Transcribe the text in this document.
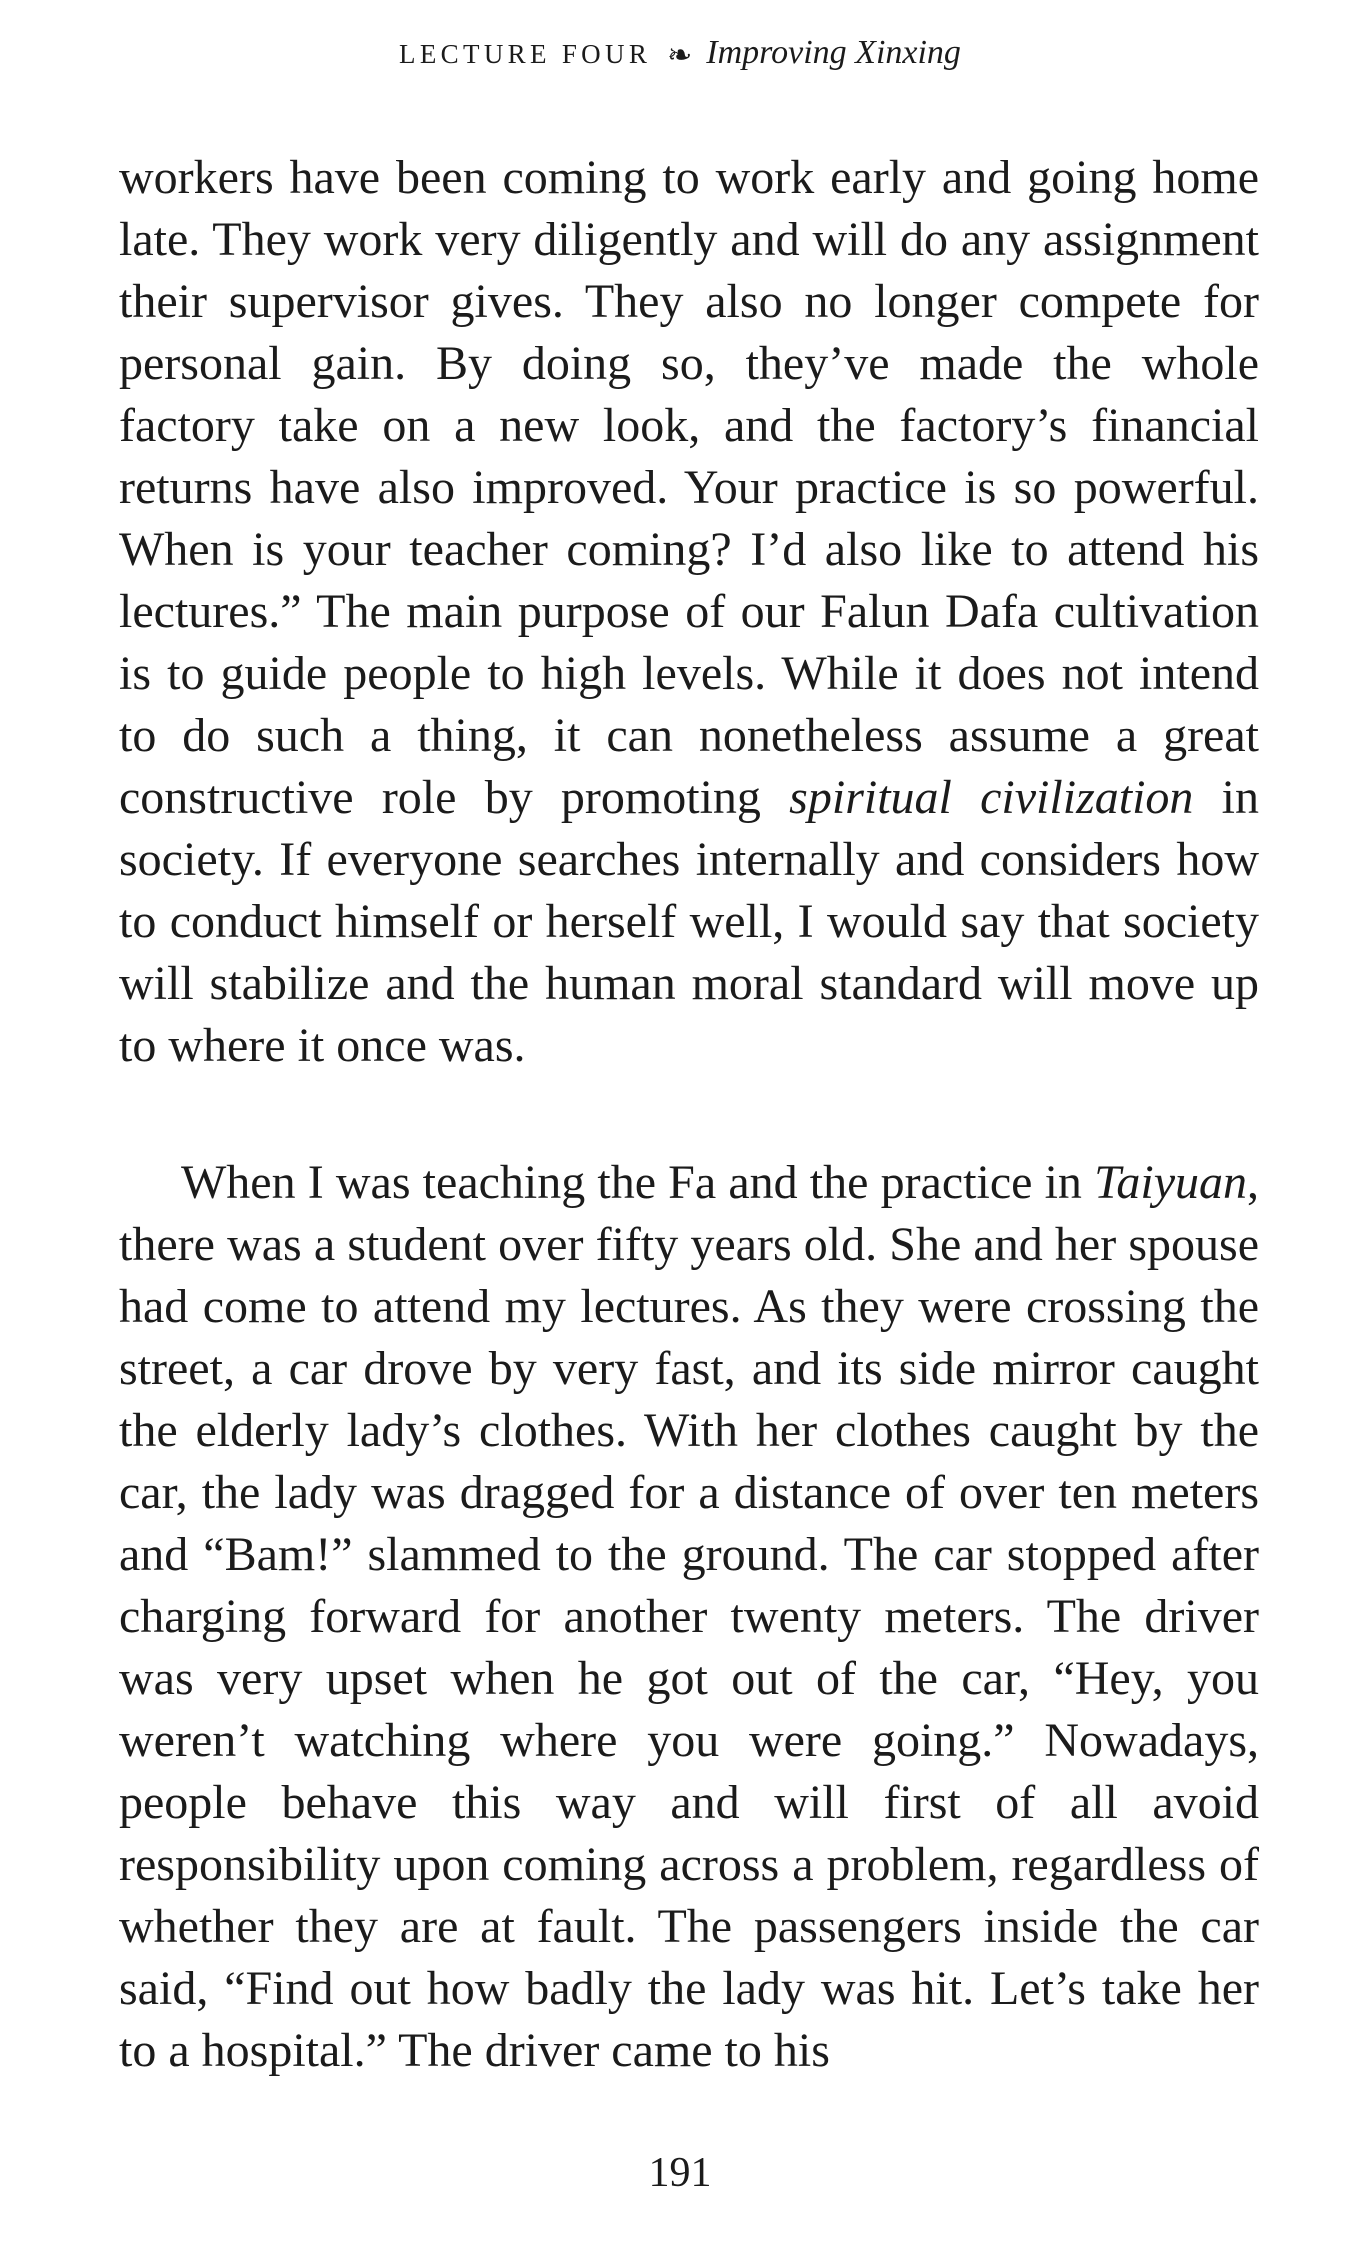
LECTURE FOUR ❧ Improving Xinxing

workers have been coming to work early and going home late. They work very diligently and will do any assignment their supervisor gives. They also no longer compete for personal gain. By doing so, they’ve made the whole factory take on a new look, and the factory’s financial returns have also improved. Your practice is so powerful. When is your teacher coming? I’d also like to attend his lectures.” The main purpose of our Falun Dafa cultivation is to guide people to high levels. While it does not intend to do such a thing, it can nonetheless assume a great constructive role by promoting spiritual civilization in society. If everyone searches internally and considers how to conduct himself or herself well, I would say that society will stabilize and the human moral standard will move up to where it once was.

When I was teaching the Fa and the practice in Taiyuan, there was a student over fifty years old. She and her spouse had come to attend my lectures. As they were crossing the street, a car drove by very fast, and its side mirror caught the elderly lady’s clothes. With her clothes caught by the car, the lady was dragged for a distance of over ten meters and “Bam!” slammed to the ground. The car stopped after charging forward for another twenty meters. The driver was very upset when he got out of the car, “Hey, you weren’t watching where you were going.” Nowadays, people behave this way and will first of all avoid responsibility upon coming across a problem, regardless of whether they are at fault. The passengers inside the car said, “Find out how badly the lady was hit. Let’s take her to a hospital.” The driver came to his

191
